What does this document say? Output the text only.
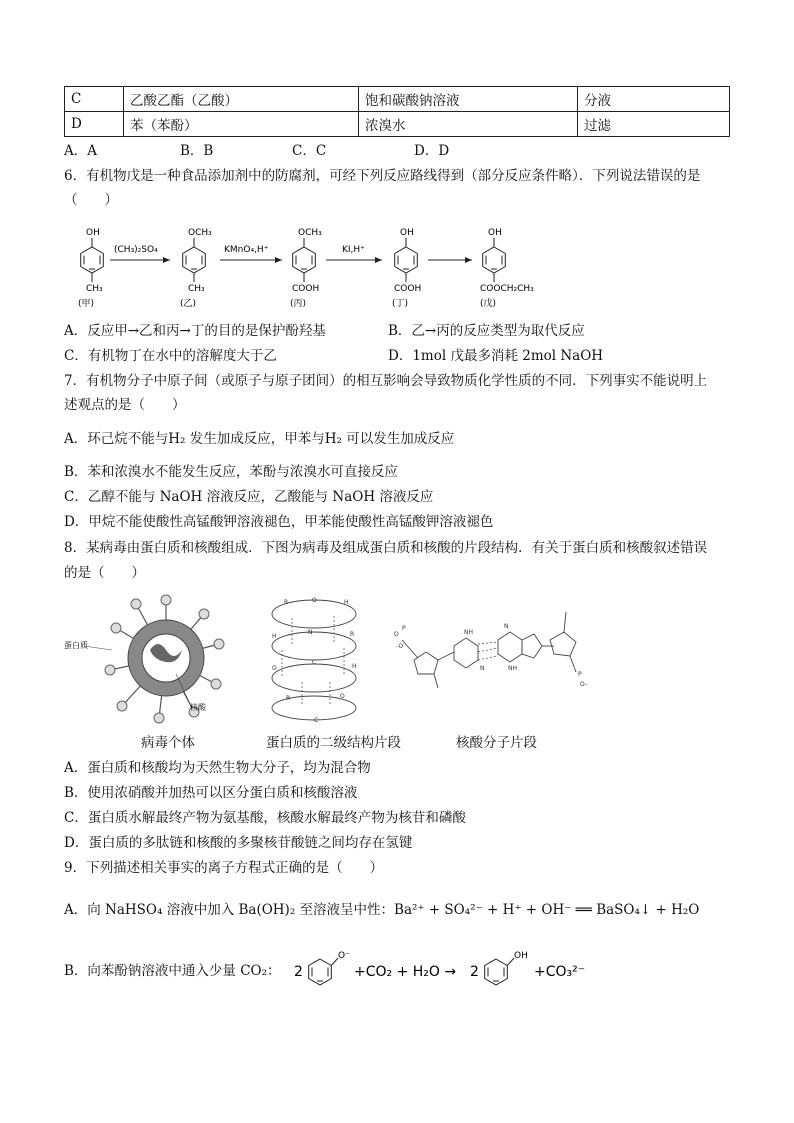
C	乙酸乙酯（乙酸）	饱和碳酸钠溶液	分液
D	苯（苯酚）	浓溴水	过滤
A．A	B．B	C．C	D．D
6．有机物戊是一种食品添加剂中的防腐剂，可经下列反应路线得到（部分反应条件略）．下列说法错误的是
（　　）
OH
CH₃
(甲)
(CH₃)₂SO₄
OCH₃
CH₃
(乙)
KMnO₄,H⁺
OCH₃
COOH
(丙)
KI,H⁺
OH
COOH
(丁)
OH
COOCH₂CH₃
(戊)
A．反应甲→乙和丙→丁的目的是保护酚羟基	B．乙→丙的反应类型为取代反应
C．有机物丁在水中的溶解度大于乙	D．1mol 戊最多消耗 2mol NaOH
7．有机物分子中原子间（或原子与原子团间）的相互影响会导致物质化学性质的不同．下列事实不能说明上
述观点的是（　　）
A．环己烷不能与H₂ 发生加成反应，甲苯与H₂ 可以发生加成反应
B．苯和浓溴水不能发生反应，苯酚与浓溴水可直接反应
C．乙醇不能与 NaOH 溶液反应，乙酸能与 NaOH 溶液反应
D．甲烷不能使酸性高锰酸钾溶液褪色，甲苯能使酸性高锰酸钾溶液褪色
8．某病毒由蛋白质和核酸组成．下图为病毒及组成蛋白质和核酸的片段结构．有关于蛋白质和核酸叙述错误
的是（　　）
蛋白质
核酸
R	O	H
H	R
N
O	H
C
R	O
C
O
-O
P
NH
N
N	NH
P
O-
病毒个体	蛋白质的二级结构片段	核酸分子片段
A．蛋白质和核酸均为天然生物大分子，均为混合物
B．使用浓硝酸并加热可以区分蛋白质和核酸溶液
C．蛋白质水解最终产物为氨基酸，核酸水解最终产物为核苷和磷酸
D．蛋白质的多肽链和核酸的多聚核苷酸链之间均存在氢键
9．下列描述相关事实的离子方程式正确的是（　　）
A．向 NaHSO₄ 溶液中加入 Ba(OH)₂ 至溶液呈中性：Ba²⁺ + SO₄²⁻ + H⁺ + OH⁻ ══ BaSO₄↓ + H₂O
B．向苯酚钠溶液中通入少量 CO₂： 2
O⁻
+CO₂ + H₂O → 2
OH
+CO₃²⁻
